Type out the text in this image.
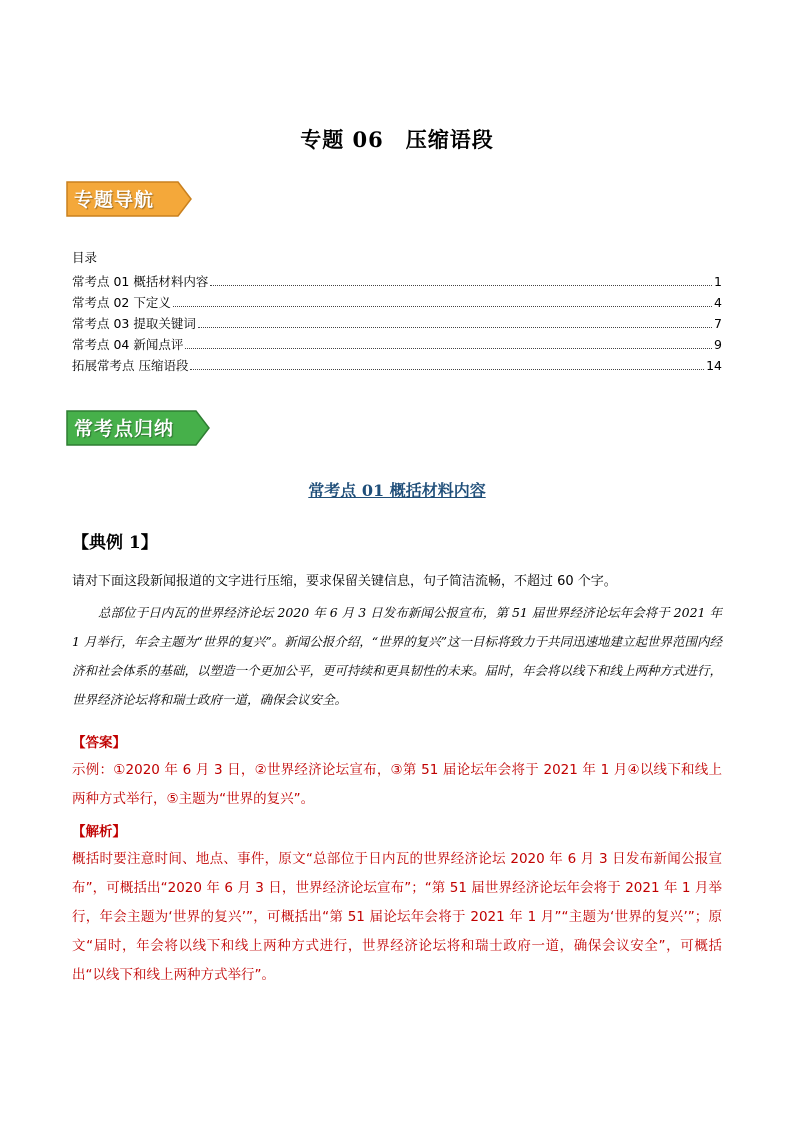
专题 06　压缩语段
专题导航
目录
常考点 01 概括材料内容	1
常考点 02 下定义	4
常考点 03 提取关键词	7
常考点 04 新闻点评	9
拓展常考点 压缩语段	14
常考点归纳
常考点 01 概括材料内容
【典例 1】
请对下面这段新闻报道的文字进行压缩，要求保留关键信息，句子简洁流畅，不超过 60 个字。
总部位于日内瓦的世界经济论坛 2020 年 6 月 3 日发布新闻公报宣布，第 51 届世界经济论坛年会将于 2021 年 1 月举行，年会主题为“世界的复兴”。新闻公报介绍，“世界的复兴”这一目标将致力于共同迅速地建立起世界范围内经济和社会体系的基础，以塑造一个更加公平，更可持续和更具韧性的未来。届时，年会将以线下和线上两种方式进行，世界经济论坛将和瑞士政府一道，确保会议安全。
【答案】
示例：①2020 年 6 月 3 日，②世界经济论坛宣布，③第 51 届论坛年会将于 2021 年 1 月④以线下和线上两种方式举行，⑤主题为“世界的复兴”。
【解析】
概括时要注意时间、地点、事件，原文“总部位于日内瓦的世界经济论坛 2020 年 6 月 3 日发布新闻公报宣布”，可概括出“2020 年 6 月 3 日，世界经济论坛宣布”；“第 51 届世界经济论坛年会将于 2021 年 1 月举行，年会主题为‘世界的复兴’”，可概括出“第 51 届论坛年会将于 2021 年 1 月”“主题为‘世界的复兴’”；原文“届时，年会将以线下和线上两种方式进行，世界经济论坛将和瑞士政府一道，确保会议安全”，可概括出“以线下和线上两种方式举行”。
